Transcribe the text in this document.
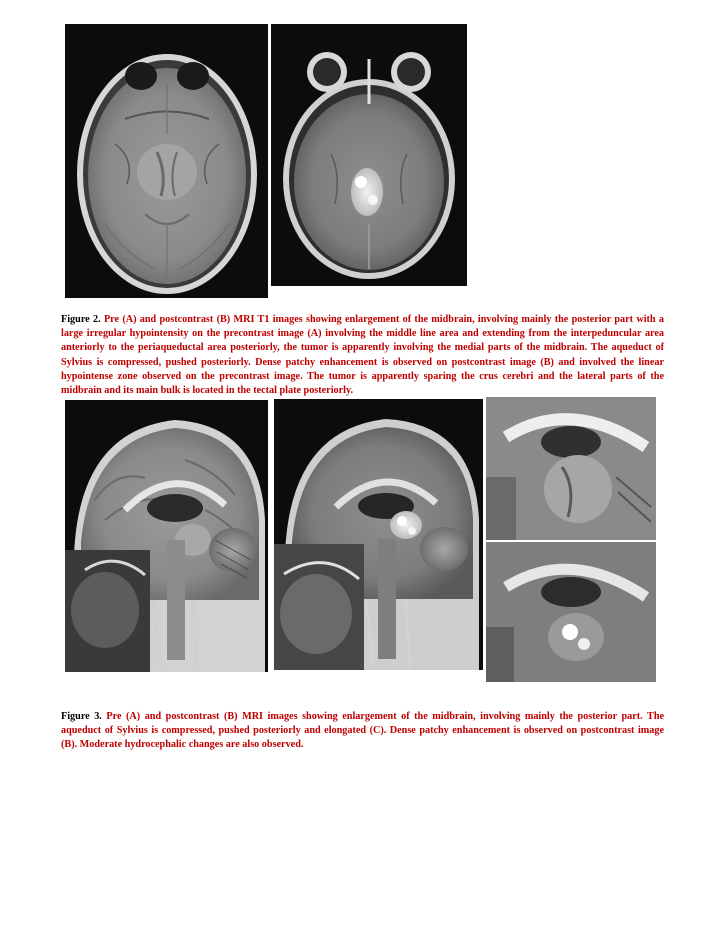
Figure 2. Pre (A) and postcontrast (B) MRI T1 images showing enlargement of the midbrain, involving mainly the posterior part with a large irregular hypointensity on the precontrast image (A) involving the middle line area and extending from the interpeduncular area anteriorly to the periaqueductal area posteriorly, the tumor is apparently involving the medial parts of the midbrain. The aqueduct of Sylvius is compressed, pushed posteriorly. Dense patchy enhancement is observed on postcontrast image (B) and involved the linear hypointense zone observed on the precontrast image. The tumor is apparently sparing the crus cerebri and the lateral parts of the midbrain and its main bulk is located in the tectal plate posteriorly.

Figure 3. Pre (A) and postcontrast (B) MRI images showing enlargement of the midbrain, involving mainly the posterior part. The aqueduct of Sylvius is compressed, pushed posteriorly and elongated (C). Dense patchy enhancement is observed on postcontrast image (B). Moderate hydrocephalic changes are also observed.
